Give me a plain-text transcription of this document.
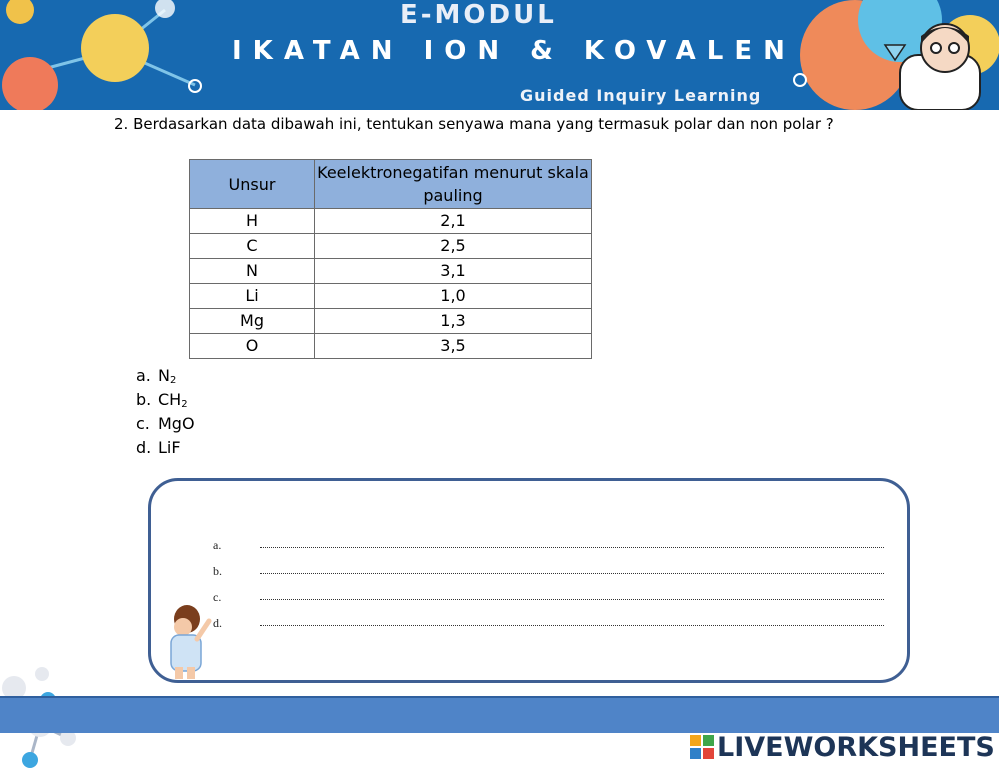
E-MODUL
IKATAN ION & KOVALEN
Guided Inquiry Learning
2. Berdasarkan data dibawah ini, tentukan senyawa mana yang termasuk polar dan non polar ?
Unsur	Keelektronegatifan menurut skala pauling
H	2,1
C	2,5
N	3,1
Li	1,0
Mg	1,3
O	3,5
a. $N_2$
b. $CH_2$
c. MgO
d. LiF
a.
b.
c.
d.
LIVEWORKSHEETS
